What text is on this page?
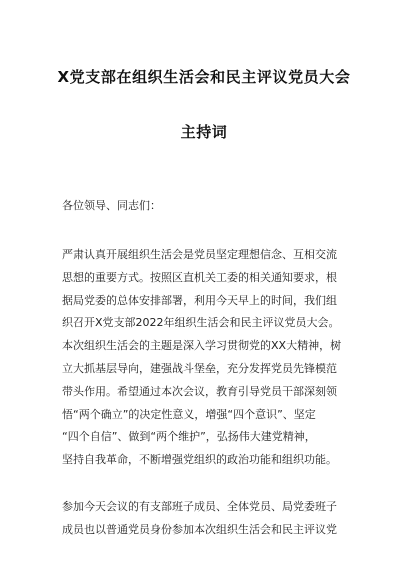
X党支部在组织生活会和民主评议党员大会
主持词
各位领导、同志们：
严肃认真开展组织生活会是党员坚定理想信念、互相交流
思想的重要方式。按照区直机关工委的相关通知要求，根
据局党委的总体安排部署，利用今天早上的时间，我们组
织召开X党支部2022年组织生活会和民主评议党员大会。
本次组织生活会的主题是深入学习贯彻党的XX大精神，树
立大抓基层导向，建强战斗堡垒，充分发挥党员先锋模范
带头作用。希望通过本次会议，教育引导党员干部深刻领
悟“两个确立”的决定性意义，增强“四个意识”、坚定
“四个自信”、做到“两个维护”，弘扬伟大建党精神，
坚持自我革命，不断增强党组织的政治功能和组织功能。
参加今天会议的有支部班子成员、全体党员、局党委班子
成员也以普通党员身份参加本次组织生活会和民主评议党
